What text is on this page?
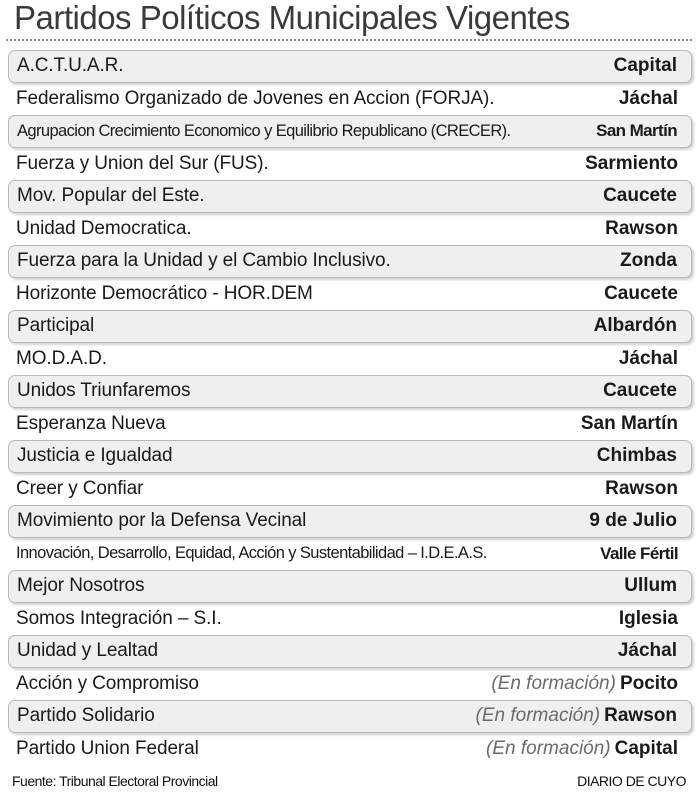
Partidos Políticos Municipales Vigentes
A.C.T.U.A.R.	Capital
Federalismo Organizado de Jovenes en Accion (FORJA).	Jáchal
Agrupacion Crecimiento Economico y Equilibrio Republicano (CRECER).	San Martín
Fuerza y Union del Sur (FUS).	Sarmiento
Mov. Popular del Este.	Caucete
Unidad Democratica.	Rawson
Fuerza para la Unidad y el Cambio Inclusivo.	Zonda
Horizonte Democrático - HOR.DEM	Caucete
Participal	Albardón
MO.D.A.D.	Jáchal
Unidos Triunfaremos	Caucete
Esperanza Nueva	San Martín
Justicia e Igualdad	Chimbas
Creer y Confiar	Rawson
Movimiento por la Defensa Vecinal	9 de Julio
Innovación, Desarrollo, Equidad, Acción y Sustentabilidad – I.D.E.A.S.	Valle Fértil
Mejor Nosotros	Ullum
Somos Integración – S.I.	Iglesia
Unidad y Lealtad	Jáchal
Acción y Compromiso	(En formación) Pocito
Partido Solidario	(En formación) Rawson
Partido Union Federal	(En formación) Capital
Fuente: Tribunal Electoral Provincial	DIARIO DE CUYO
